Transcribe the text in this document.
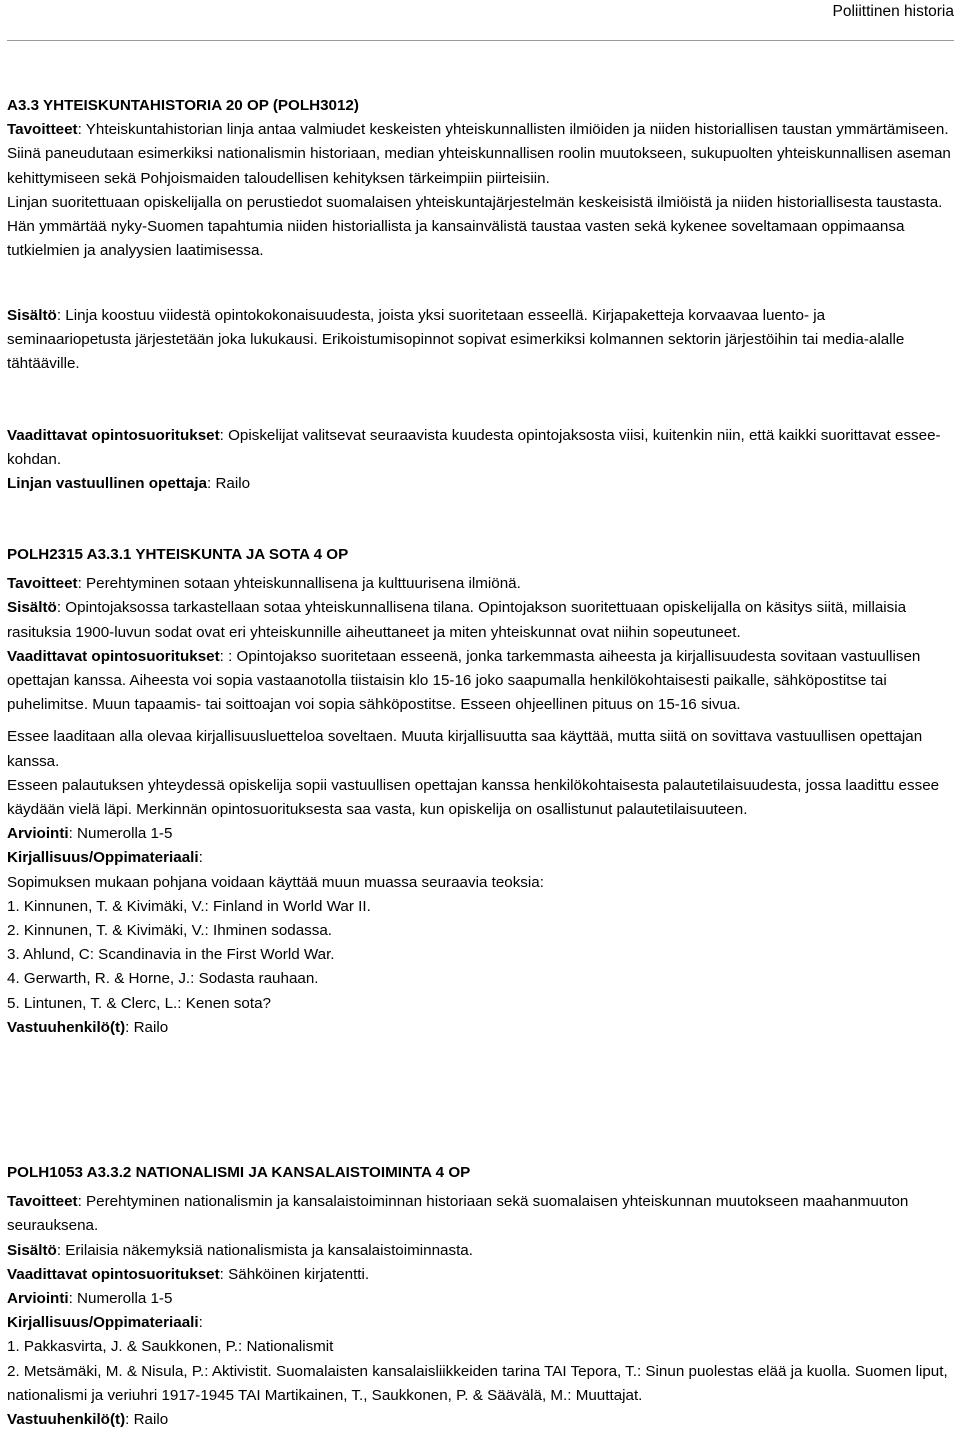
Poliittinen historia

A3.3 YHTEISKUNTAHISTORIA 20 OP (POLH3012)

Tavoitteet: Yhteiskuntahistorian linja antaa valmiudet keskeisten yhteiskunnallisten ilmiöiden ja niiden historiallisen taustan ymmärtämiseen. Siinä paneudutaan esimerkiksi nationalismin historiaan, median yhteiskunnallisen roolin muutokseen, sukupuolten yhteiskunnallisen aseman kehittymiseen sekä Pohjoismaiden taloudellisen kehityksen tärkeimpiin piirteisiin.

Linjan suoritettuaan opiskelijalla on perustiedot suomalaisen yhteiskuntajärjestelmän keskeisistä ilmiöistä ja niiden historiallisesta taustasta. Hän ymmärtää nyky-Suomen tapahtumia niiden historiallista ja kansainvälistä taustaa vasten sekä kykenee soveltamaan oppimaansa tutkielmien ja analyysien laatimisessa.

Sisältö: Linja koostuu viidestä opintokokonaisuudesta, joista yksi suoritetaan esseellä. Kirjapaketteja korvaavaa luento- ja seminaariopetusta järjestetään joka lukukausi. Erikoistumisopinnot sopivat esimerkiksi kolmannen sektorin järjestöihin tai media-alalle tähtääville.

Vaadittavat opintosuoritukset: Opiskelijat valitsevat seuraavista kuudesta opintojaksosta viisi, kuitenkin niin, että kaikki suorittavat essee-kohdan.

Linjan vastuullinen opettaja: Railo

POLH2315 A3.3.1 YHTEISKUNTA JA SOTA 4 OP

Tavoitteet: Perehtyminen sotaan yhteiskunnallisena ja kulttuurisena ilmiönä.

Sisältö: Opintojaksossa tarkastellaan sotaa yhteiskunnallisena tilana. Opintojakson suoritettuaan opiskelijalla on käsitys siitä, millaisia rasituksia 1900-luvun sodat ovat eri yhteiskunnille aiheuttaneet ja miten yhteiskunnat ovat niihin sopeutuneet.

Vaadittavat opintosuoritukset: : Opintojakso suoritetaan esseenä, jonka tarkemmasta aiheesta ja kirjallisuudesta sovitaan vastuullisen opettajan kanssa. Aiheesta voi sopia vastaanotolla tiistaisin klo 15-16 joko saapumalla henkilökohtaisesti paikalle, sähköpostitse tai puhelimitse. Muun tapaamis- tai soittoajan voi sopia sähköpostitse. Esseen ohjeellinen pituus on 15-16 sivua.

Essee laaditaan alla olevaa kirjallisuusluetteloa soveltaen. Muuta kirjallisuutta saa käyttää, mutta siitä on sovittava vastuullisen opettajan kanssa.

Esseen palautuksen yhteydessä opiskelija sopii vastuullisen opettajan kanssa henkilökohtaisesta palautetilaisuudesta, jossa laadittu essee käydään vielä läpi. Merkinnän opintosuorituksesta saa vasta, kun opiskelija on osallistunut palautetilaisuuteen.

Arviointi: Numerolla 1-5

Kirjallisuus/Oppimateriaali:

Sopimuksen mukaan pohjana voidaan käyttää muun muassa seuraavia teoksia:

1. Kinnunen, T. & Kivimäki, V.: Finland in World War II.

2. Kinnunen, T. & Kivimäki, V.: Ihminen sodassa.

3. Ahlund, C: Scandinavia in the First World War.

4. Gerwarth, R. & Horne, J.: Sodasta rauhaan.

5. Lintunen, T. & Clerc, L.: Kenen sota?

Vastuuhenkilö(t): Railo

POLH1053 A3.3.2 NATIONALISMI JA KANSALAISTOIMINTA 4 OP

Tavoitteet: Perehtyminen nationalismin ja kansalaistoiminnan historiaan sekä suomalaisen yhteiskunnan muutokseen maahanmuuton seurauksena.

Sisältö: Erilaisia näkemyksiä nationalismista ja kansalaistoiminnasta.

Vaadittavat opintosuoritukset: Sähköinen kirjatentti.

Arviointi: Numerolla 1-5

Kirjallisuus/Oppimateriaali:

1. Pakkasvirta, J. & Saukkonen, P.: Nationalismit

2. Metsämäki, M. & Nisula, P.: Aktivistit. Suomalaisten kansalaisliikkeiden tarina TAI Tepora, T.: Sinun puolestas elää ja kuolla. Suomen liput, nationalismi ja veriuhri 1917-1945 TAI Martikainen, T., Saukkonen, P. & Säävälä, M.: Muuttajat.

Vastuuhenkilö(t): Railo
